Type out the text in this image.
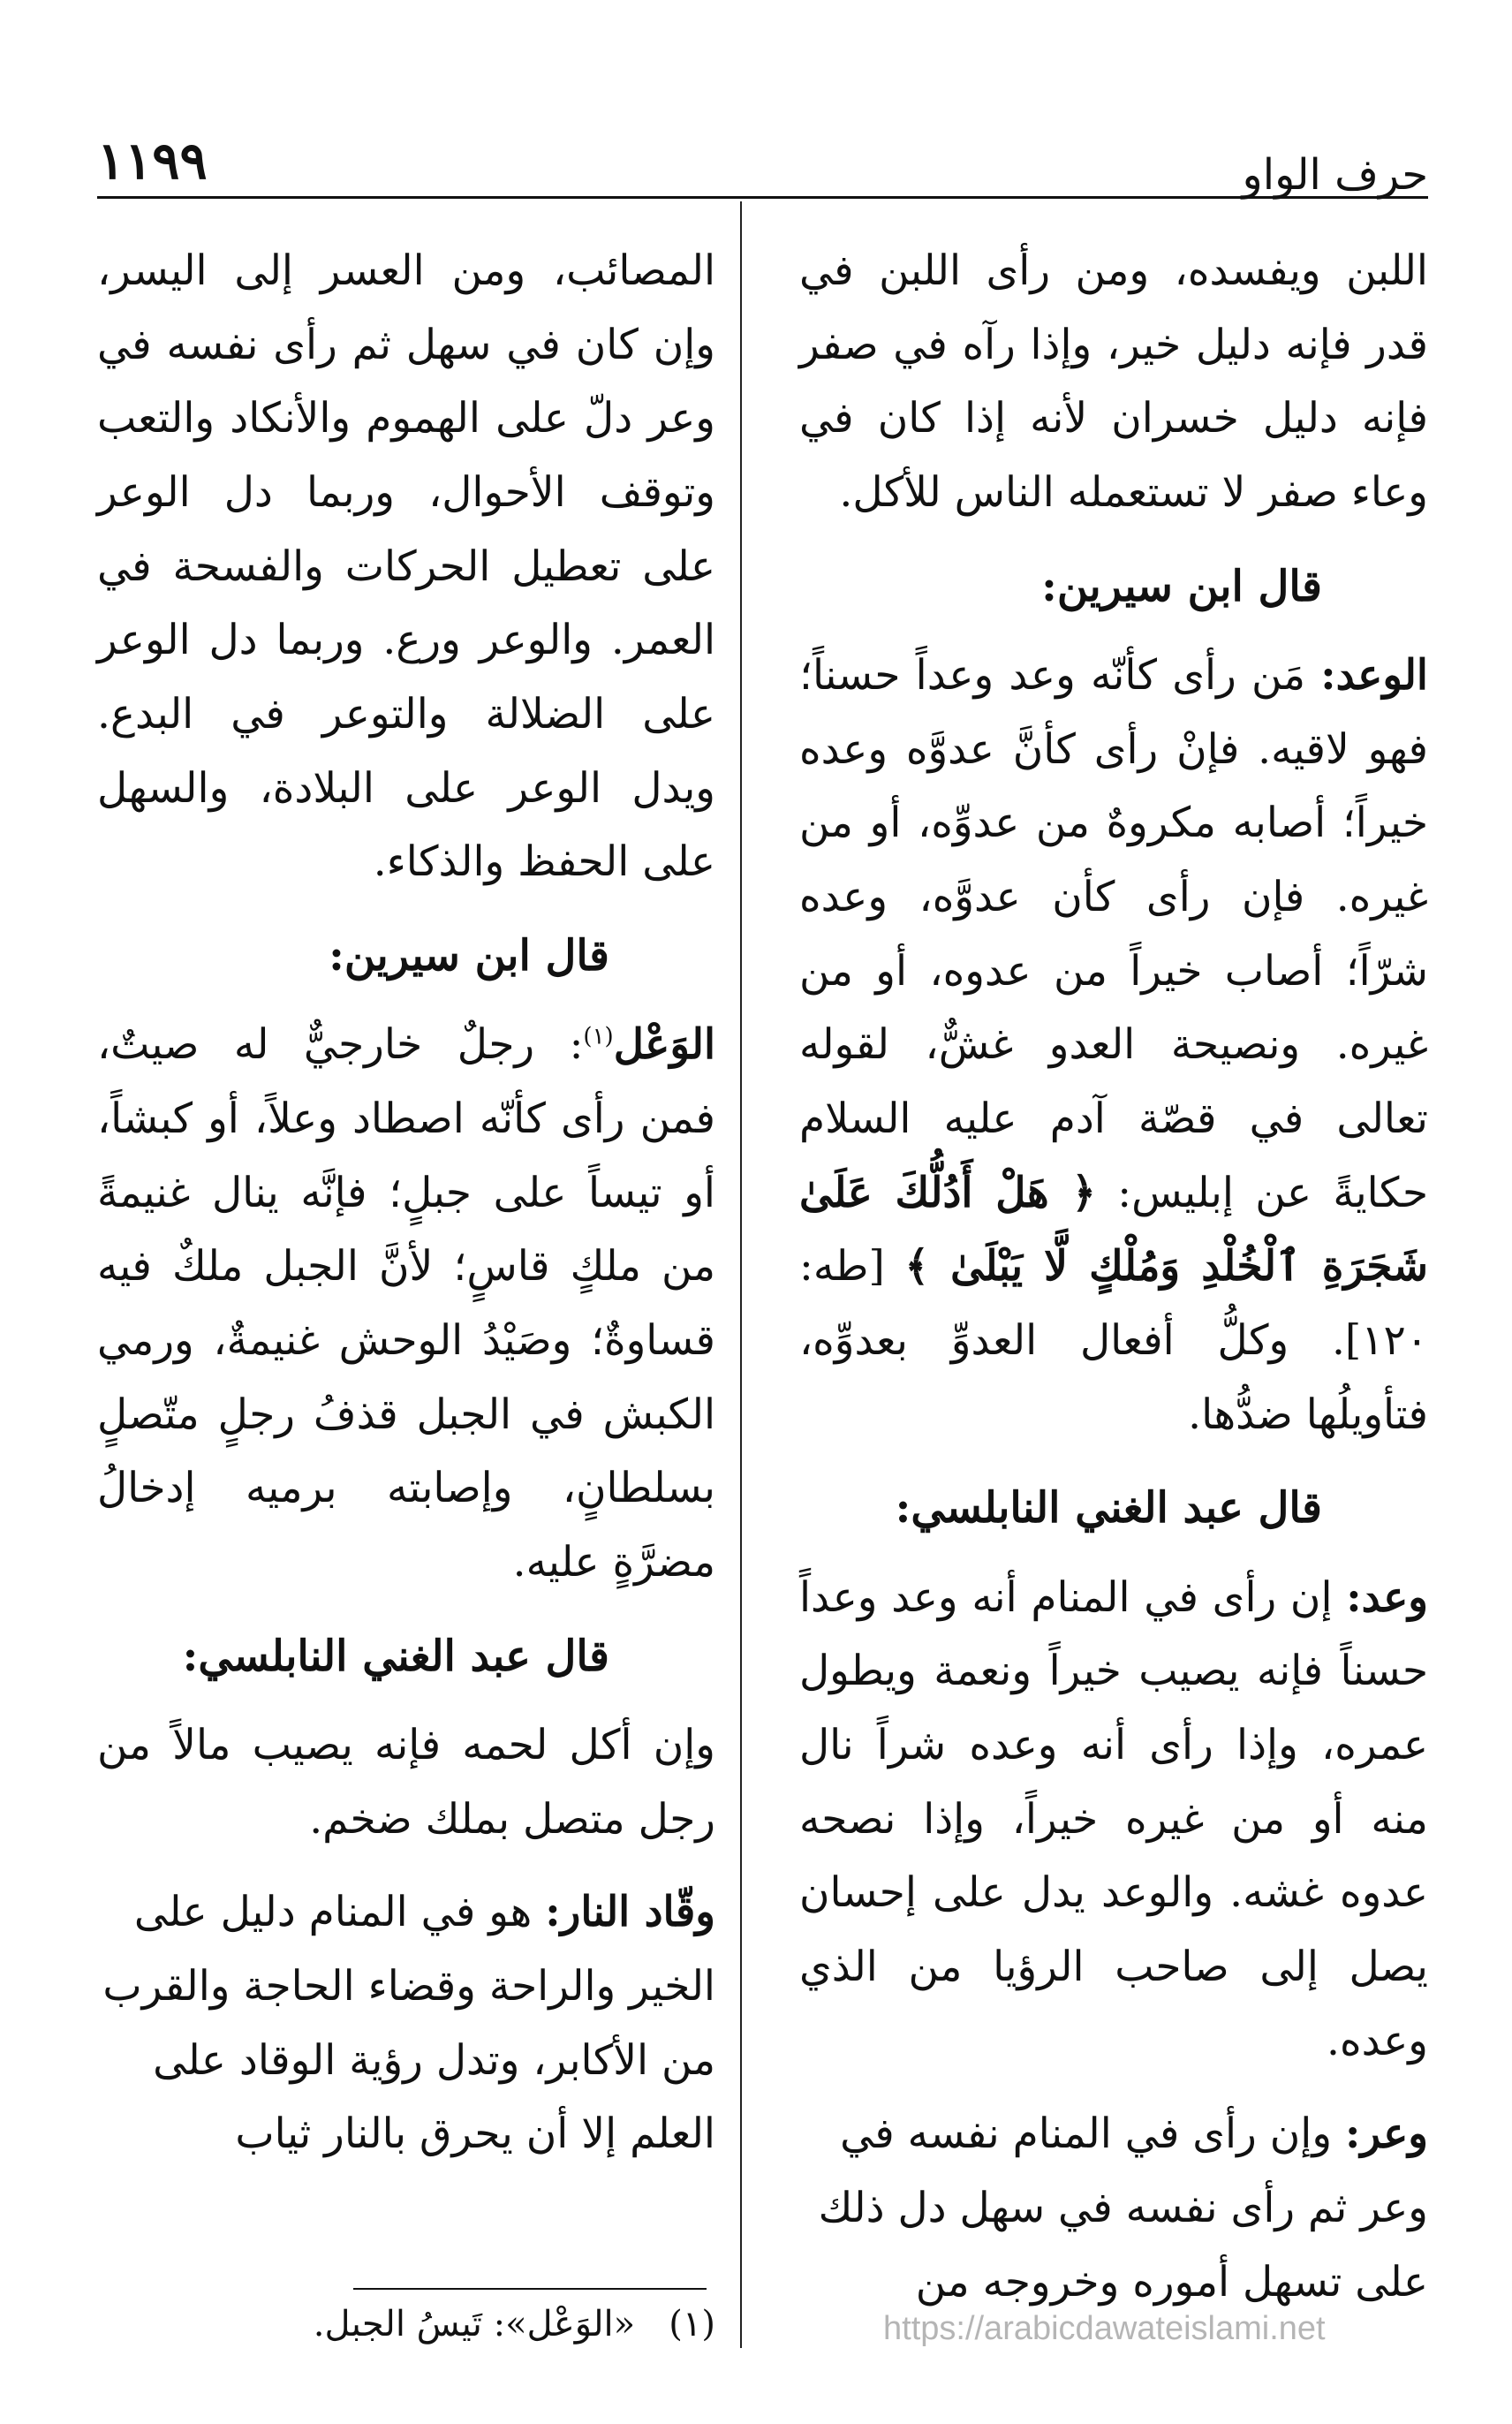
حرف الواو
١١٩٩

اللبن ويفسده، ومن رأى اللبن في قدر فإنه دليل خير، وإذا رآه في صفر فإنه دليل خسران لأنه إذا كان في وعاء صفر لا تستعمله الناس للأكل.

قال ابن سيرين:

الوعد: مَن رأى كأنّه وعد وعداً حسناً؛ فهو لاقيه. فإنْ رأى كأنَّ عدوَّه وعده خيراً؛ أصابه مكروهٌ من عدوِّه، أو من غيره. فإن رأى كأن عدوَّه، وعده شرّاً؛ أصاب خيراً من عدوه، أو من غيره. ونصيحة العدو غشٌّ، لقوله تعالى في قصّة آدم عليه السلام حكايةً عن إبليس: ﴿ هَلْ أَدُلُّكَ عَلَىٰ شَجَرَةِ ٱلْخُلْدِ وَمُلْكٍ لَّا يَبْلَىٰ ﴾ [طه: ١٢٠]. وكلُّ أفعال العدوِّ بعدوِّه، فتأويلُها ضدُّها.

قال عبد الغني النابلسي:

وعد: إن رأى في المنام أنه وعد وعداً حسناً فإنه يصيب خيراً ونعمة ويطول عمره، وإذا رأى أنه وعده شراً نال منه أو من غيره خيراً، وإذا نصحه عدوه غشه. والوعد يدل على إحسان يصل إلى صاحب الرؤيا من الذي وعده.

وعر: وإن رأى في المنام نفسه في وعر ثم رأى نفسه في سهل دل ذلك على تسهل أموره وخروجه من

المصائب، ومن العسر إلى اليسر، وإن كان في سهل ثم رأى نفسه في وعر دلّ على الهموم والأنكاد والتعب وتوقف الأحوال، وربما دل الوعر على تعطيل الحركات والفسحة في العمر. والوعر ورع. وربما دل الوعر على الضلالة والتوعر في البدع. ويدل الوعر على البلادة، والسهل على الحفظ والذكاء.

قال ابن سيرين:

الوَعْل$^{(١)}$: رجلٌ خارجيٌّ له صيتٌ، فمن رأى كأنّه اصطاد وعلاً، أو كبشاً، أو تيساً على جبلٍ؛ فإنَّه ينال غنيمةً من ملكٍ قاسٍ؛ لأنَّ الجبل ملكٌ فيه قساوةٌ؛ وصَيْدُ الوحش غنيمةٌ، ورمي الكبش في الجبل قذفُ رجلٍ متّصلٍ بسلطانٍ، وإصابته برميه إدخالُ مضرَّةٍ عليه.

قال عبد الغني النابلسي:

وإن أكل لحمه فإنه يصيب مالاً من رجل متصل بملك ضخم.

وقّاد النار: هو في المنام دليل على الخير والراحة وقضاء الحاجة والقرب من الأكابر، وتدل رؤية الوقاد على العلم إلا أن يحرق بالنار ثياب

(١)   «الوَعْل»: تَيسُ الجبل.	https://arabicdawateislami.net
